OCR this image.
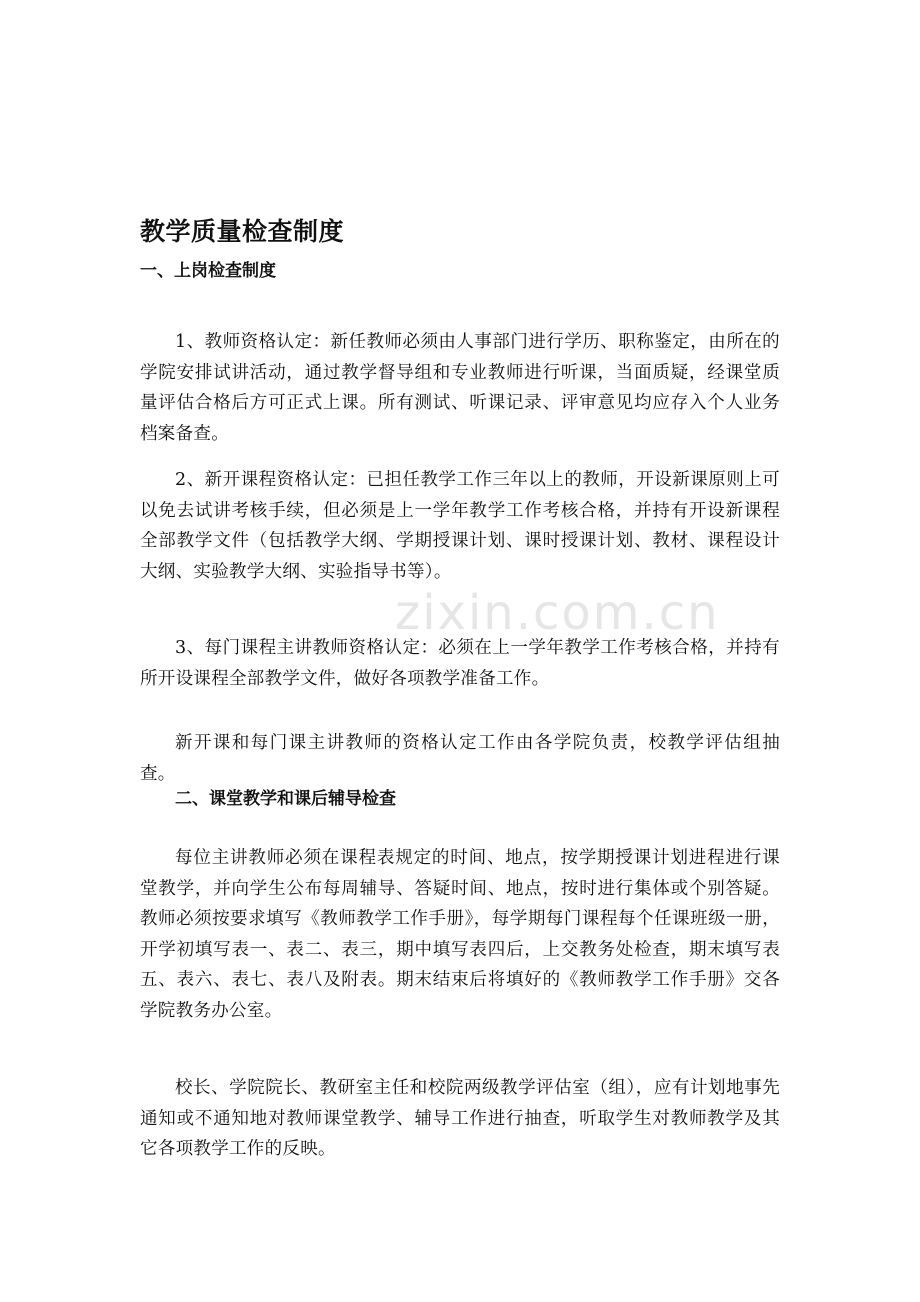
zixin.com.cn
教学质量检查制度
一、上岗检查制度

1、教师资格认定：新任教师必须由人事部门进行学历、职称鉴定，由所在的学院安排试讲活动，通过教学督导组和专业教师进行听课，当面质疑，经课堂质量评估合格后方可正式上课。所有测试、听课记录、评审意见均应存入个人业务档案备查。

2、新开课程资格认定：已担任教学工作三年以上的教师，开设新课原则上可以免去试讲考核手续，但必须是上一学年教学工作考核合格，并持有开设新课程全部教学文件（包括教学大纲、学期授课计划、课时授课计划、教材、课程设计大纲、实验教学大纲、实验指导书等）。

3、每门课程主讲教师资格认定：必须在上一学年教学工作考核合格，并持有所开设课程全部教学文件，做好各项教学准备工作。

新开课和每门课主讲教师的资格认定工作由各学院负责，校教学评估组抽查。

二、课堂教学和课后辅导检查

每位主讲教师必须在课程表规定的时间、地点，按学期授课计划进程进行课堂教学，并向学生公布每周辅导、答疑时间、地点，按时进行集体或个别答疑。教师必须按要求填写《教师教学工作手册》，每学期每门课程每个任课班级一册，开学初填写表一、表二、表三，期中填写表四后，上交教务处检查，期末填写表五、表六、表七、表八及附表。期末结束后将填好的《教师教学工作手册》交各学院教务办公室。

校长、学院院长、教研室主任和校院两级教学评估室（组），应有计划地事先通知或不通知地对教师课堂教学、辅导工作进行抽查，听取学生对教师教学及其它各项教学工作的反映。
